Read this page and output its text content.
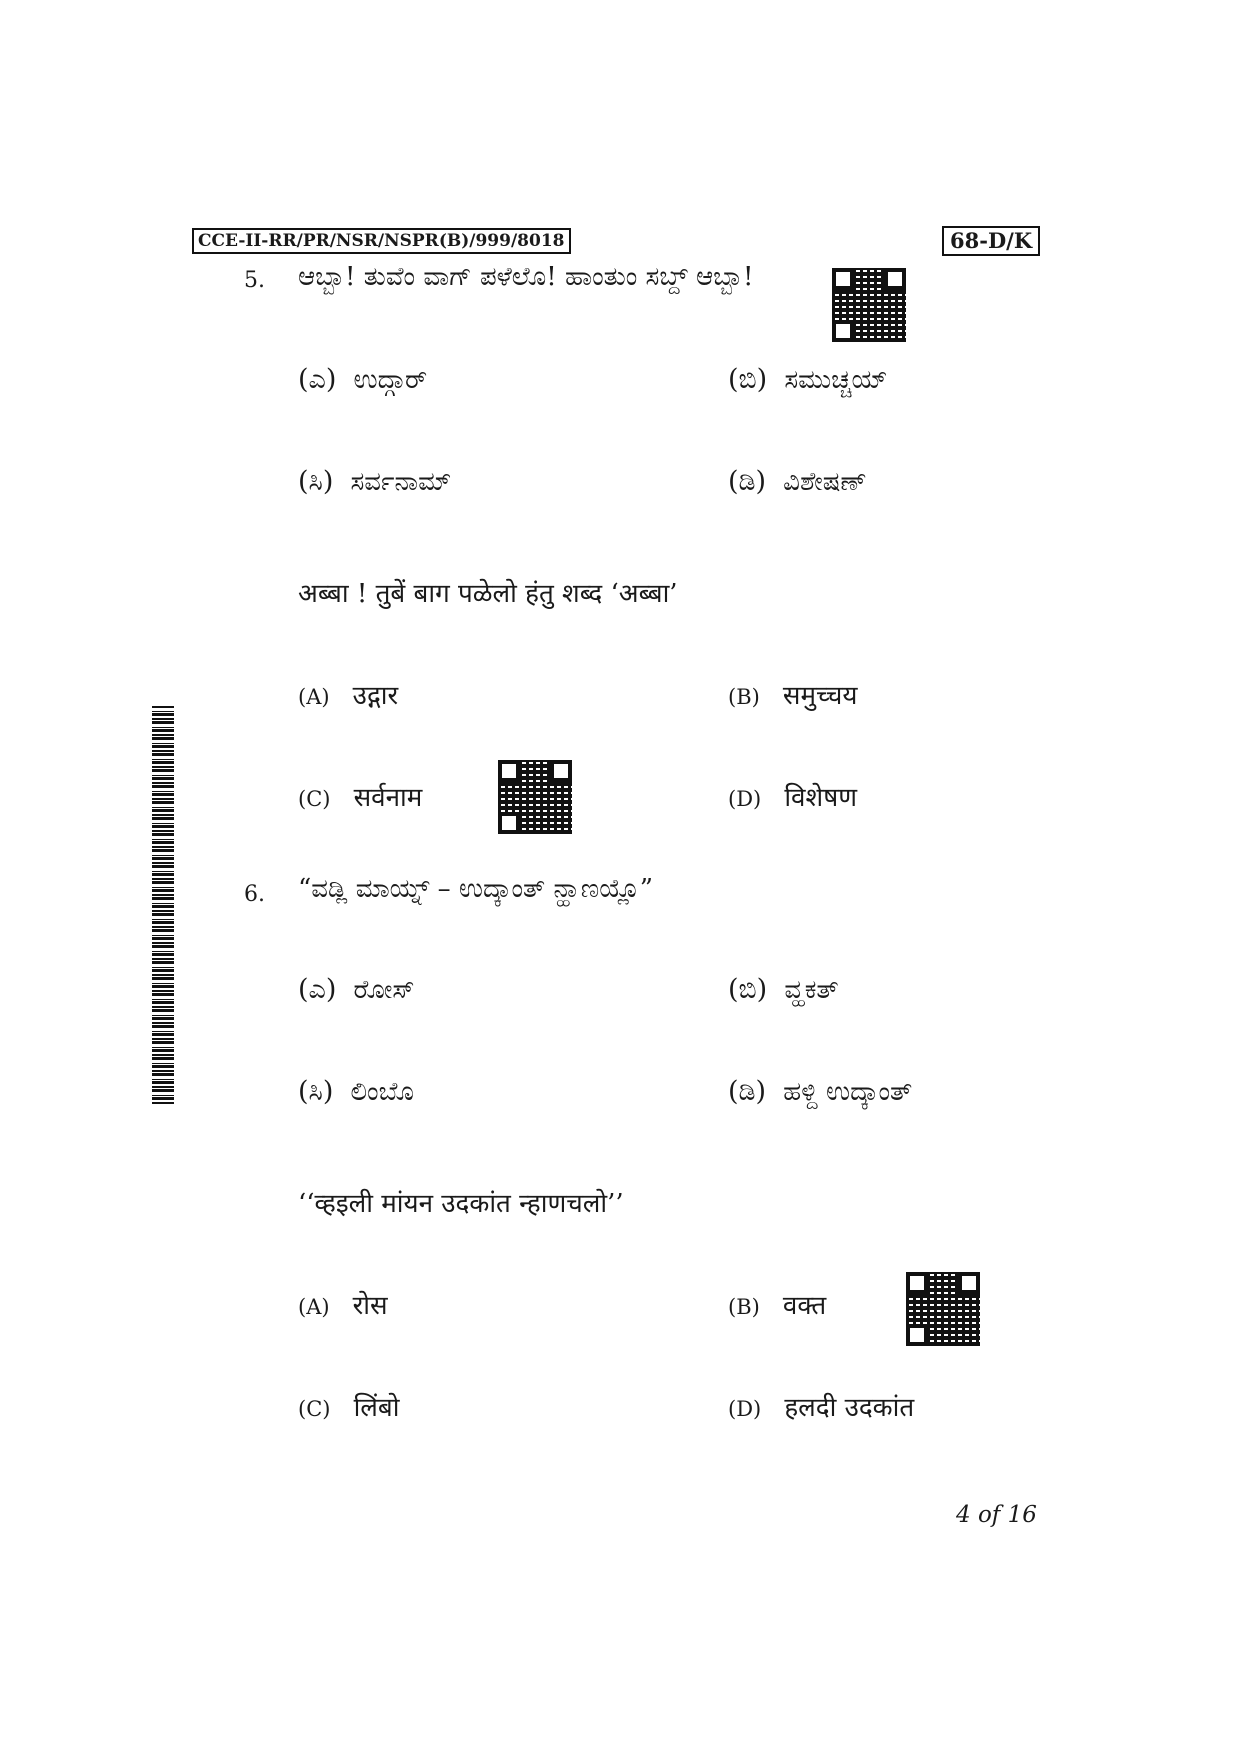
CCE-II-RR/PR/NSR/NSPR(B)/999/8018	68-D/K
5. ಆಬ್ಬಾ! ತುವೆಂ ವಾಗ್ ಪಳೆಲೊ! ಹಾಂತುಂ ಸಬ್ದ್ ಆಬ್ಬಾ!
(ಎ) ಉದ್ಗಾರ್	(ಬಿ) ಸಮುಚ್ಚಯ್
(ಸಿ) ಸರ್ವನಾಮ್	(ಡಿ) ವಿಶೇಷಣ್
अब्बा ! तुबें बाग पळेलो हंतु शब्द ‘अब्बा’
(A) उद्गार	(B) समुच्चय
(C) सर्वनाम	(D) विशेषण
6. “ವಡ್ಲಿ ಮಾಯ್ನ್ – ಉದ್ಕಾಂತ್ ನ್ಹಾಣಯ್ಲೊ”
(ಎ) ರೋಸ್	(ಬಿ) ವ್ಹಕತ್
(ಸಿ) ಲಿಂಬೊ	(ಡಿ) ಹಳ್ದಿ ಉದ್ಕಾಂತ್
‘‘व्हइली मांयन उदकांत न्हाणचलो’’
(A) रोस	(B) वक्त
(C) लिंबो	(D) हलदी उदकांत
4 of 16
